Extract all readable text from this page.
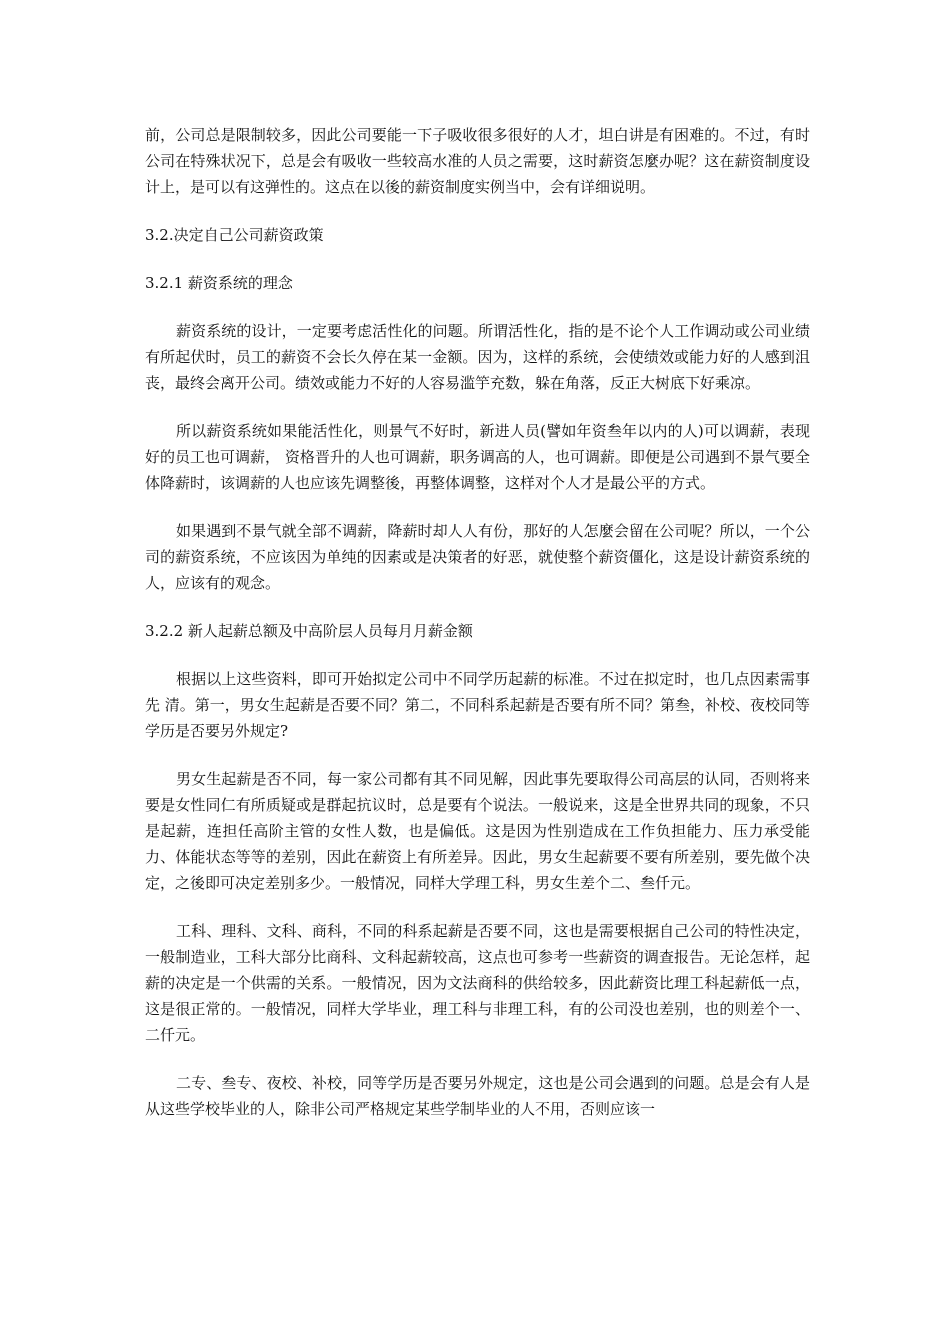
前，公司总是限制较多，因此公司要能一下子吸收很多很好的人才，坦白讲是有困难的。不过，有时公司在特殊状况下，总是会有吸收一些较高水准的人员之需要，这时薪资怎麼办呢？这在薪资制度设计上，是可以有这弹性的。这点在以後的薪资制度实例当中，会有详细说明。

3.2.决定自己公司薪资政策

3.2.1 薪资系统的理念

薪资系统的设计，一定要考虑活性化的问题。所谓活性化，指的是不论个人工作调动或公司业绩有所起伏时，员工的薪资不会长久停在某一金额。因为，这样的系统，会使绩效或能力好的人感到沮丧，最终会离开公司。绩效或能力不好的人容易滥竽充数，躲在角落，反正大树底下好乘凉。

所以薪资系统如果能活性化，则景气不好时，新进人员(譬如年资叁年以内的人)可以调薪，表现好的员工也可调薪， 资格晋升的人也可调薪，职务调高的人，也可调薪。即便是公司遇到不景气要全体降薪时，该调薪的人也应该先调整後，再整体调整，这样对个人才是最公平的方式。

如果遇到不景气就全部不调薪，降薪时却人人有份，那好的人怎麼会留在公司呢？所以，一个公司的薪资系统，不应该因为单纯的因素或是决策者的好恶，就使整个薪资僵化，这是设计薪资系统的人，应该有的观念。

3.2.2 新人起薪总额及中高阶层人员每月月薪金额

根据以上这些资料，即可开始拟定公司中不同学历起薪的标准。不过在拟定时，也几点因素需事先 清。第一，男女生起薪是否要不同？第二，不同科系起薪是否要有所不同？第叁，补校、夜校同等学历是否要另外规定?

男女生起薪是否不同，每一家公司都有其不同见解，因此事先要取得公司高层的认同，否则将来要是女性同仁有所质疑或是群起抗议时，总是要有个说法。一般说来，这是全世界共同的现象，不只是起薪，连担任高阶主管的女性人数，也是偏低。这是因为性别造成在工作负担能力、压力承受能力、体能状态等等的差别，因此在薪资上有所差异。因此，男女生起薪要不要有所差别，要先做个决定，之後即可决定差别多少。一般情况，同样大学理工科，男女生差个二、叁仟元。

工科、理科、文科、商科，不同的科系起薪是否要不同，这也是需要根据自己公司的特性决定，一般制造业，工科大部分比商科、文科起薪较高，这点也可参考一些薪资的调查报告。无论怎样，起薪的决定是一个供需的关系。一般情况，因为文法商科的供给较多，因此薪资比理工科起薪低一点，这是很正常的。一般情况，同样大学毕业，理工科与非理工科，有的公司没也差别，也的则差个一、二仟元。

二专、叁专、夜校、补校，同等学历是否要另外规定，这也是公司会遇到的问题。总是会有人是从这些学校毕业的人，除非公司严格规定某些学制毕业的人不用，否则应该一
